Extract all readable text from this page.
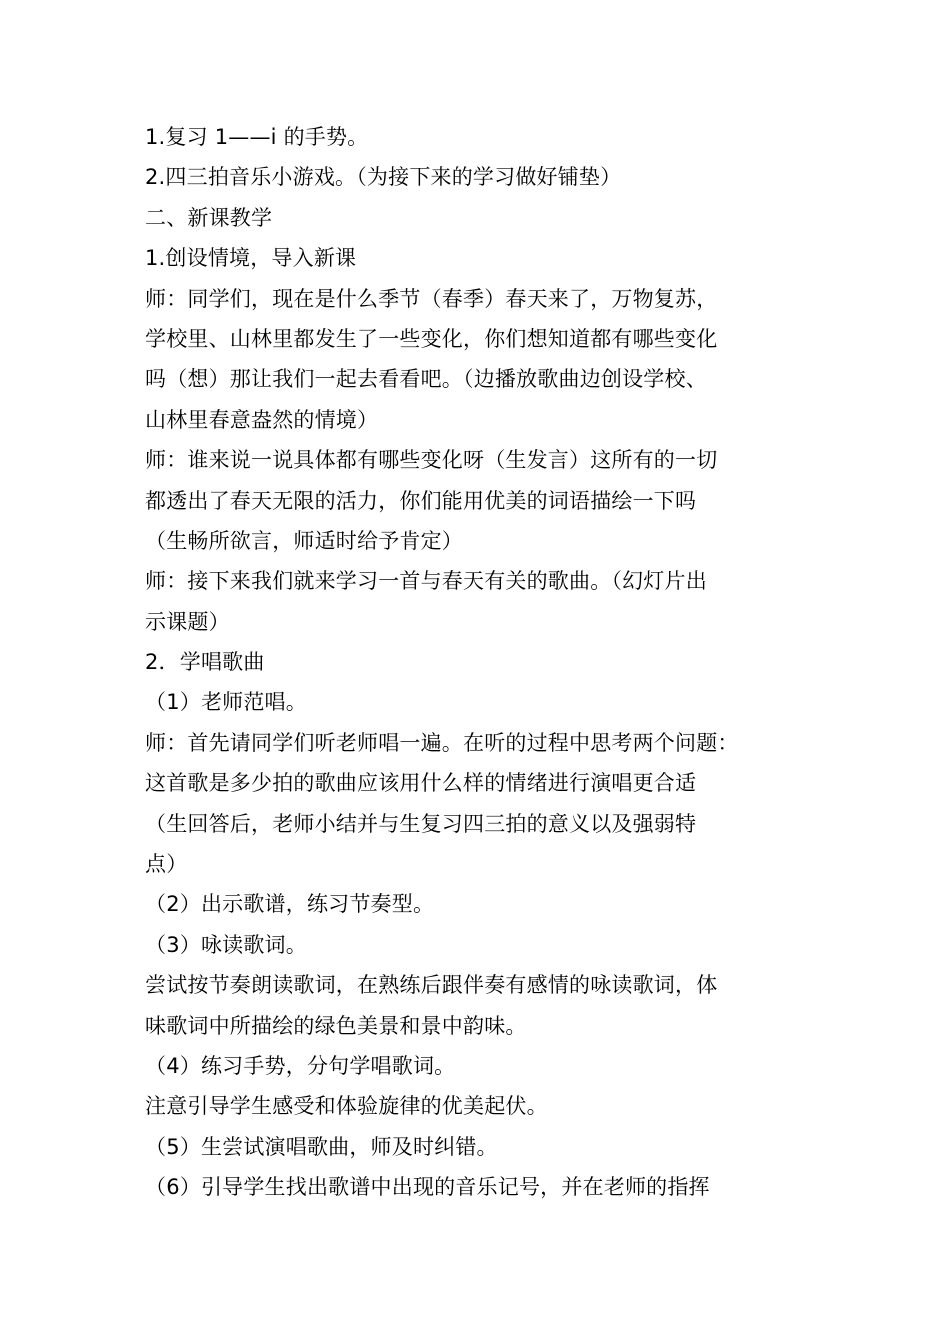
1.复习 1——i 的手势。
2.四三拍音乐小游戏。（为接下来的学习做好铺垫）
二、新课教学
1.创设情境，导入新课
师：同学们，现在是什么季节（春季）春天来了，万物复苏，
学校里、山林里都发生了一些变化，你们想知道都有哪些变化
吗（想）那让我们一起去看看吧。（边播放歌曲边创设学校、
山林里春意盎然的情境）
师：谁来说一说具体都有哪些变化呀（生发言）这所有的一切
都透出了春天无限的活力，你们能用优美的词语描绘一下吗
（生畅所欲言，师适时给予肯定）
师：接下来我们就来学习一首与春天有关的歌曲。（幻灯片出
示课题）
2．学唱歌曲
（1）老师范唱。
师：首先请同学们听老师唱一遍。在听的过程中思考两个问题：
这首歌是多少拍的歌曲应该用什么样的情绪进行演唱更合适
（生回答后，老师小结并与生复习四三拍的意义以及强弱特
点）
（2）出示歌谱，练习节奏型。
（3）咏读歌词。
尝试按节奏朗读歌词，在熟练后跟伴奏有感情的咏读歌词，体
味歌词中所描绘的绿色美景和景中韵味。
（4）练习手势，分句学唱歌词。
注意引导学生感受和体验旋律的优美起伏。
（5）生尝试演唱歌曲，师及时纠错。
（6）引导学生找出歌谱中出现的音乐记号，并在老师的指挥
